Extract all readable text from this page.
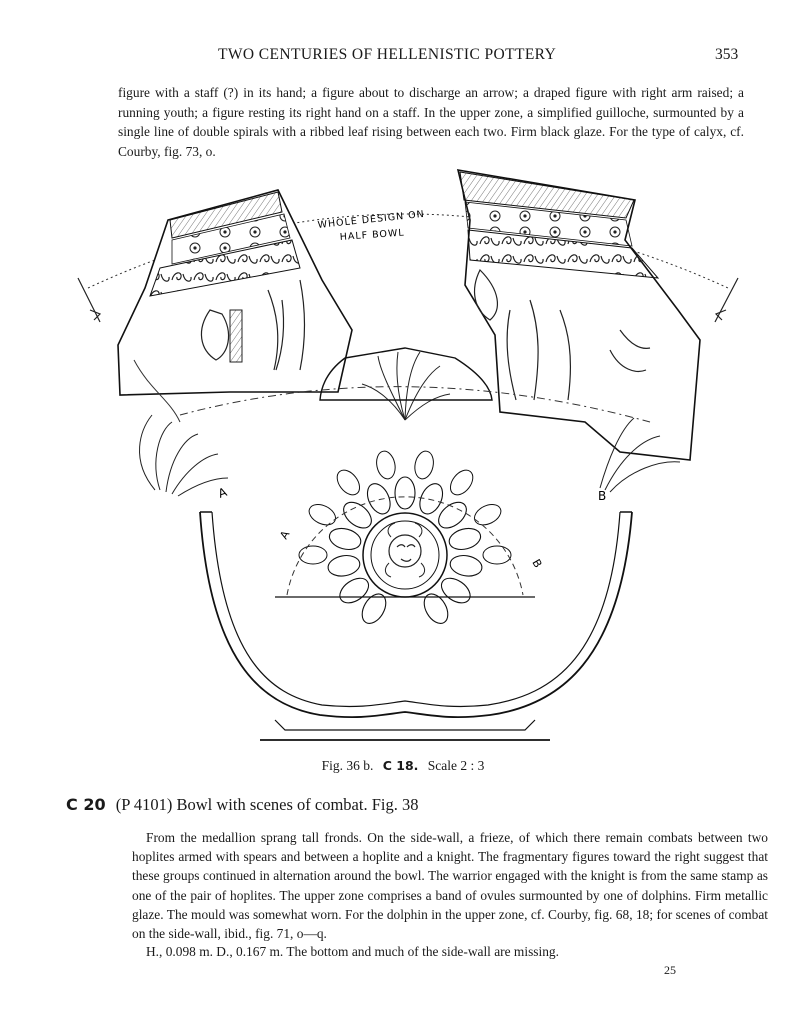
TWO CENTURIES OF HELLENISTIC POTTERY	353

figure with a staff (?) in its hand; a figure about to discharge an arrow; a draped figure with right arm raised; a running youth; a figure resting its right hand on a staff. In the upper zone, a simplified guilloche, surmounted by a single line of double spirals with a ribbed leaf rising between each two. Firm black glaze. For the type of calyx, cf. Courby, fig. 73, o.

A
WHOLE DESIGN ON
HALF BOWL
B
A
B
Fig. 36 b. C 18. Scale 2 : 3
C 20 (P 4101) Bowl with scenes of combat. Fig. 38

From the medallion sprang tall fronds. On the side-wall, a frieze, of which there remain combats between two hoplites armed with spears and between a hoplite and a knight. The fragmentary figures toward the right suggest that these groups continued in alternation around the bowl. The warrior engaged with the knight is from the same stamp as one of the pair of hoplites. The upper zone comprises a band of ovules surmounted by one of dolphins. Firm metallic glaze. The mould was somewhat worn. For the dolphin in the upper zone, cf. Courby, fig. 68, 18; for scenes of combat on the side-wall, ibid., fig. 71, o—q.

H., 0.098 m. D., 0.167 m. The bottom and much of the side-wall are missing.
25
